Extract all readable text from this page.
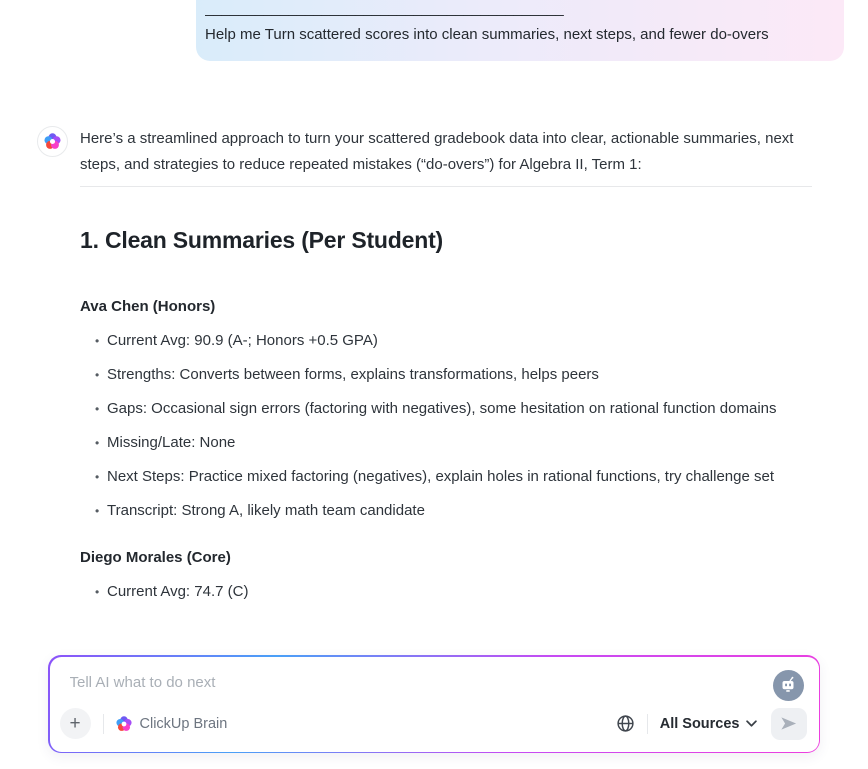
___________________________________________
Help me Turn scattered scores into clean summaries, next steps, and fewer do-overs
Here’s a streamlined approach to turn your scattered gradebook data into clear, actionable summaries, next steps, and strategies to reduce repeated mistakes (“do-overs”) for Algebra II, Term 1:
1. Clean Summaries (Per Student)
Ava Chen (Honors)
• Current Avg: 90.9 (A-; Honors +0.5 GPA)
• Strengths: Converts between forms, explains transformations, helps peers
• Gaps: Occasional sign errors (factoring with negatives), some hesitation on rational function domains
• Missing/Late: None
• Next Steps: Practice mixed factoring (negatives), explain holes in rational functions, try challenge set
• Transcript: Strong A, likely math team candidate
Diego Morales (Core)
• Current Avg: 74.7 (C)
Tell AI what to do next
+	ClickUp Brain	All Sources
